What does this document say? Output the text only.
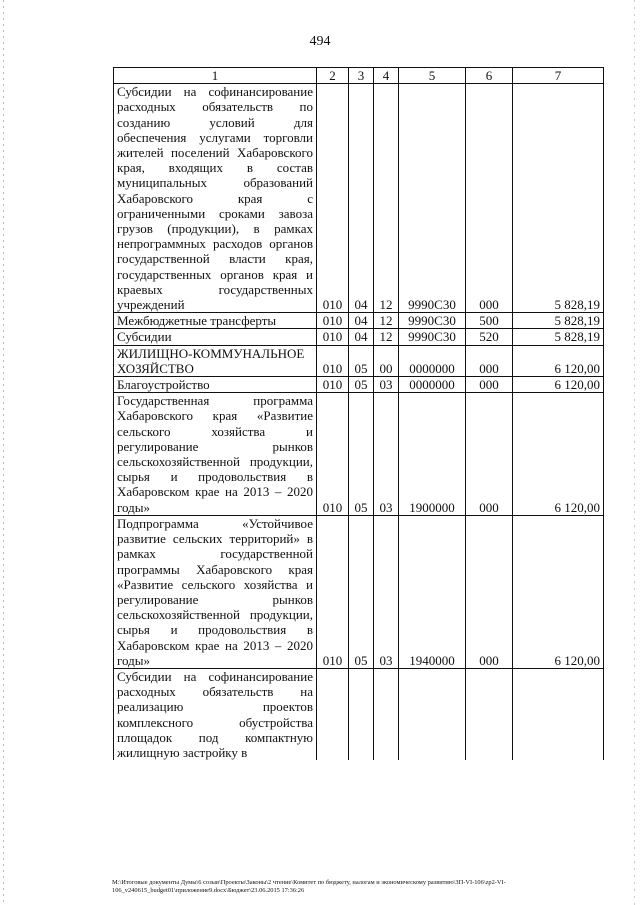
494
1	2	3	4	5	6	7
Субсидии на софинансирование расходных обязательств по созданию условий для обеспечения услугами торговли жителей поселений Хабаровского края, входящих в состав муниципальных образований Хабаровского края с ограниченными сроками завоза грузов (продукции), в рамках непрограммных расходов органов государственной власти края, государственных органов края и краевых государственных учреждений	010	04	12	9990С30	000	5 828,19
Межбюджетные трансферты	010	04	12	9990С30	500	5 828,19
Субсидии	010	04	12	9990С30	520	5 828,19
ЖИЛИЩНО-КОММУНАЛЬНОЕ ХОЗЯЙСТВО	010	05	00	0000000	000	6 120,00
Благоустройство	010	05	03	0000000	000	6 120,00
Государственная программа Хабаровского края «Развитие сельского хозяйства и регулирование рынков сельскохозяйственной продукции, сырья и продовольствия в Хабаровском крае на 2013 – 2020 годы»	010	05	03	1900000	000	6 120,00
Подпрограмма «Устойчивое развитие сельских территорий» в рамках государственной программы Хабаровского края «Развитие сельского хозяйства и регулирование рынков сельскохозяйственной продукции, сырья и продовольствия в Хабаровском крае на 2013 – 2020 годы»	010	05	03	1940000	000	6 120,00
Субсидии на софинансирование расходных обязательств на реализацию проектов комплексного обустройства площадок под компактную жилищную застройку в						
M:\Итоговые документы Думы\6 созыв\Проекты\Законы\2 чтение\Комитет по бюджету, налогам и экономическому развитию\ЗП-VI-106\zp2-VI-
106_v240615_budget01\приложение9.docx\Бюджет\23.06.2015 17:36:26
